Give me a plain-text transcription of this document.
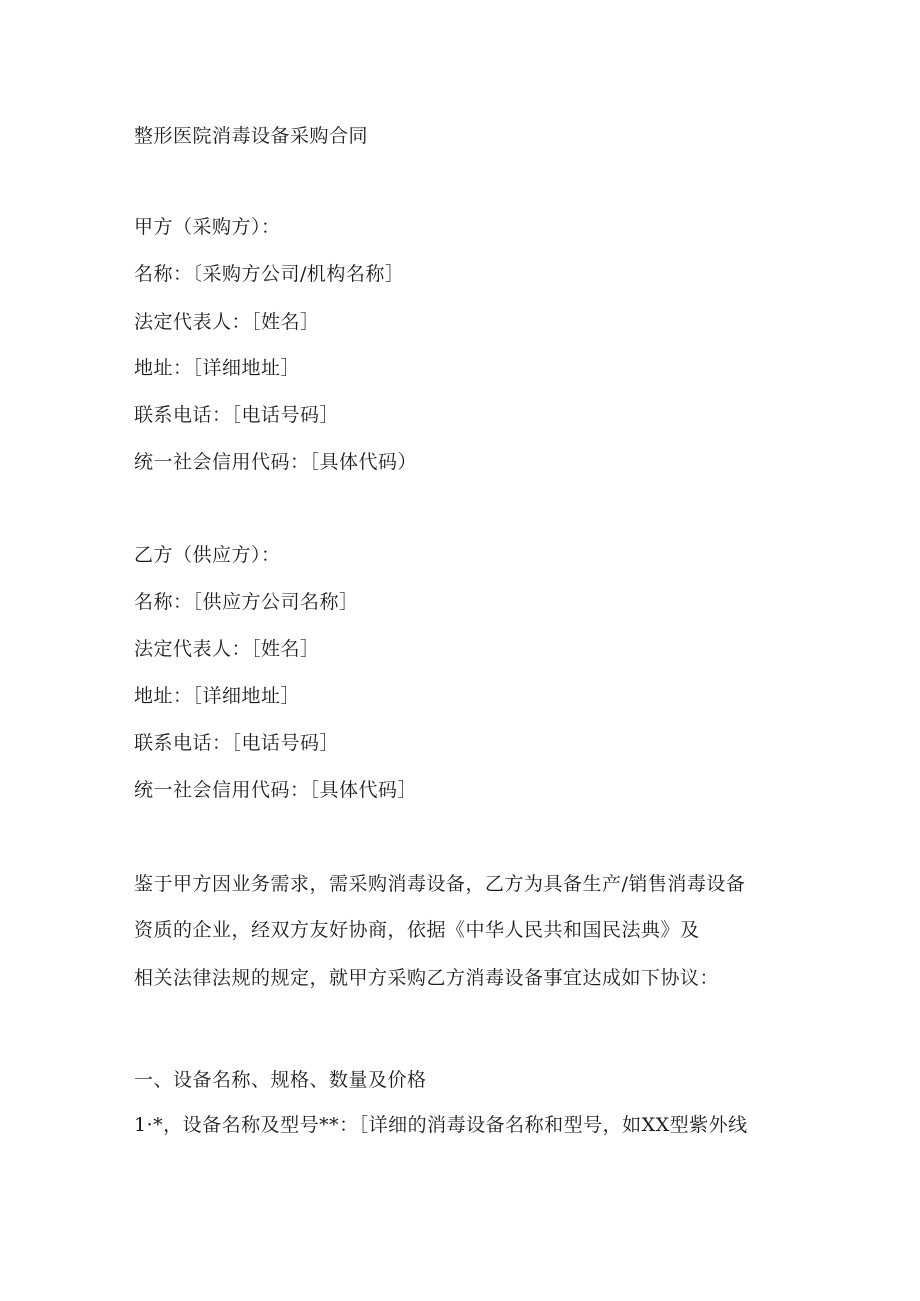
整形医院消毒设备采购合同
甲方（采购方）：
名称：〔采购方公司/机构名称］
法定代表人：［姓名］
地址：［详细地址］
联系电话：［电话号码］
统一社会信用代码：［具体代码）
乙方（供应方）：
名称：［供应方公司名称］
法定代表人：［姓名］
地址：［详细地址］
联系电话：［电话号码］
统一社会信用代码：［具体代码］
鉴于甲方因业务需求，需采购消毒设备，乙方为具备生产/销售消毒设备
资质的企业，经双方友好协商，依据《中华人民共和国民法典》及
相关法律法规的规定，就甲方采购乙方消毒设备事宜达成如下协议：
一、设备名称、规格、数量及价格
1·*，设备名称及型号**：［详细的消毒设备名称和型号，如XX型紫外线
